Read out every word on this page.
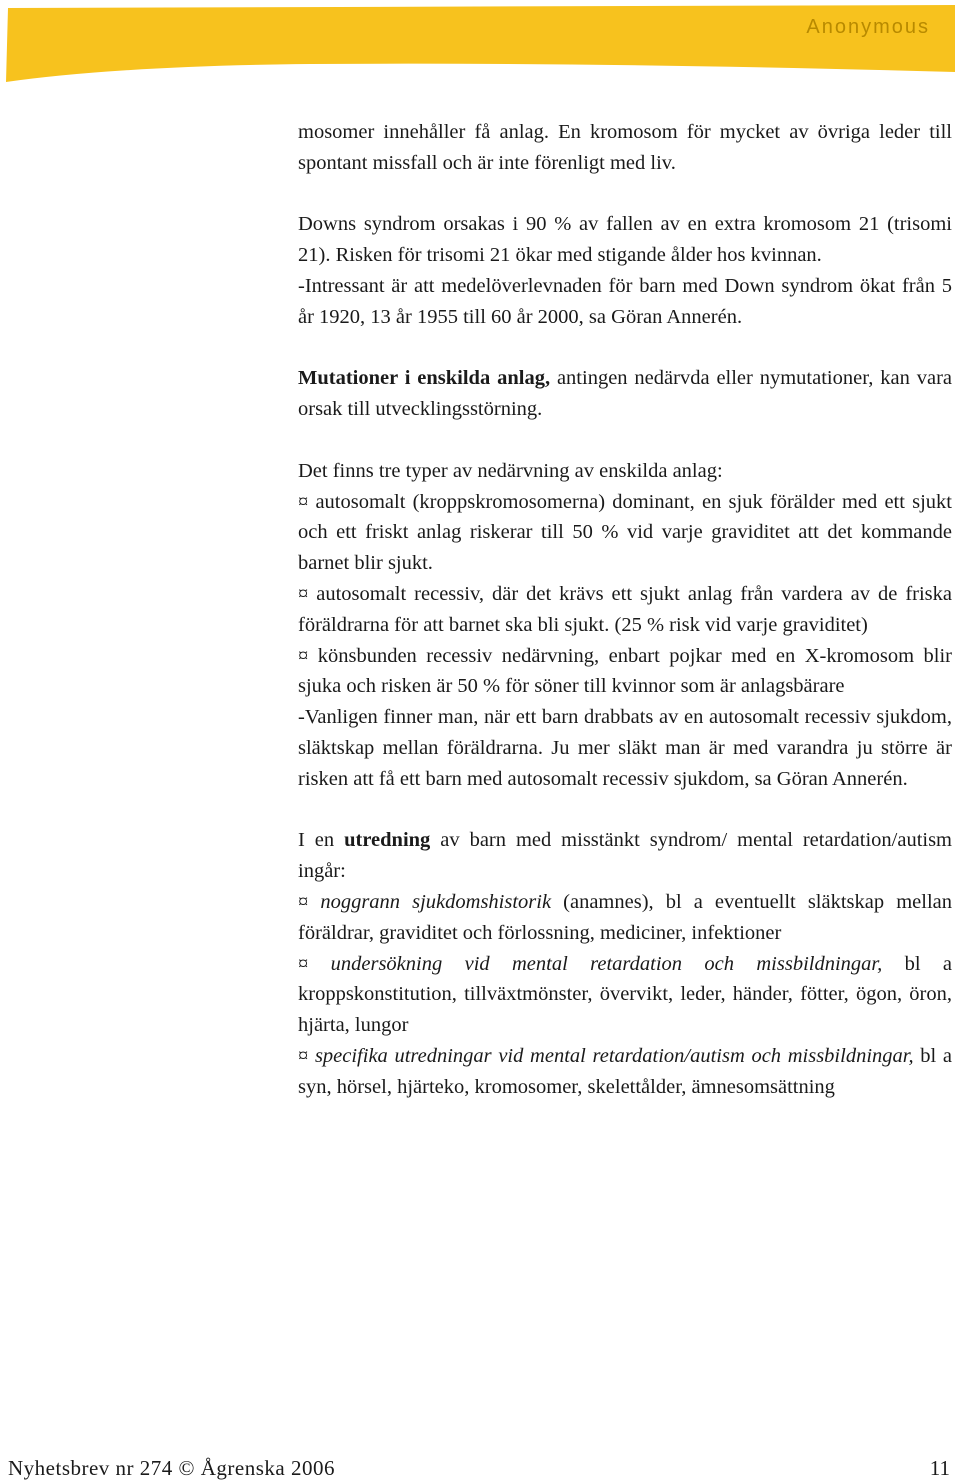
Anonymous

mosomer innehåller få anlag. En kromosom för mycket av övriga leder till spontant missfall och är inte förenligt med liv.

Downs syndrom orsakas i 90 % av fallen av en extra kromosom 21 (trisomi 21). Risken för trisomi 21 ökar med stigande ålder hos kvinnan.

-Intressant är att medelöverlevnaden för barn med Down syndrom ökat från 5 år 1920, 13 år 1955 till 60 år 2000, sa Göran Annerén.

Mutationer i enskilda anlag, antingen nedärvda eller nymutationer, kan vara orsak till utvecklingsstörning.

Det finns tre typer av nedärvning av enskilda anlag:

¤ autosomalt (kroppskromosomerna) dominant, en sjuk förälder med ett sjukt och ett friskt anlag riskerar till 50 % vid varje graviditet att det kommande barnet blir sjukt.

¤ autosomalt recessiv, där det krävs ett sjukt anlag från vardera av de friska föräldrarna för att barnet ska bli sjukt. (25 % risk vid varje graviditet)

¤ könsbunden recessiv nedärvning, enbart pojkar med en X-kromosom blir sjuka och risken är 50 % för söner till kvinnor som är anlagsbärare

-Vanligen finner man, när ett barn drabbats av en autosomalt recessiv sjukdom, släktskap mellan föräldrarna. Ju mer släkt man är med varandra ju större är risken att få ett barn med autosomalt recessiv sjukdom, sa Göran Annerén.

I en utredning av barn med misstänkt syndrom/ mental retardation/autism ingår:

¤ noggrann sjukdomshistorik (anamnes), bl a eventuellt släktskap mellan föräldrar, graviditet och förlossning, mediciner, infektioner

¤ undersökning vid mental retardation och missbildningar, bl a kroppskonstitution, tillväxtmönster, övervikt, leder, händer, fötter, ögon, öron, hjärta, lungor

¤ specifika utredningar vid mental retardation/autism och missbildningar, bl a syn, hörsel, hjärteko, kromosomer, skelettålder, ämnesomsättning

Nyhetsbrev nr 274 © Ågrenska 2006	11
